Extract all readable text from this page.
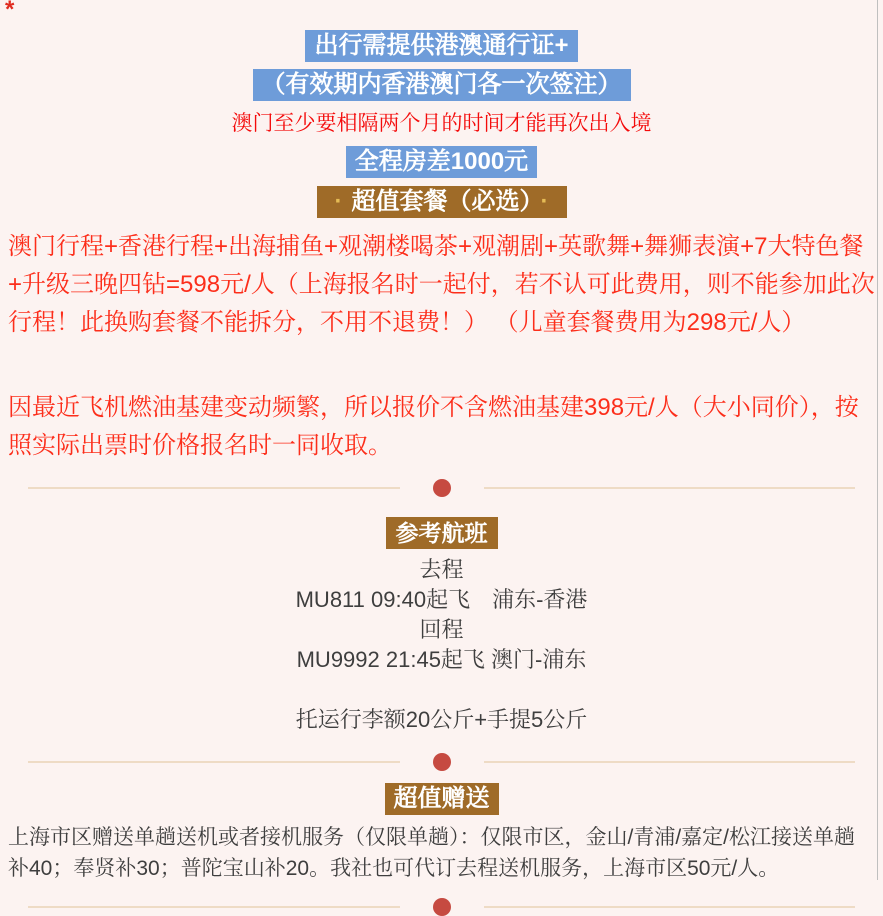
*
出行需提供港澳通行证+
（有效期内香港澳门各一次签注）
澳门至少要相隔两个月的时间才能再次出入境
全程房差1000元
· 超值套餐（必选） ·
澳门行程+香港行程+出海捕鱼+观潮楼喝茶+观潮剧+英歌舞+舞狮表演+7大特色餐+升级三晚四钻=598元/人（上海报名时一起付，若不认可此费用，则不能参加此次行程！此换购套餐不能拆分，不用不退费！） （儿童套餐费用为298元/人）
因最近飞机燃油基建变动频繁，所以报价不含燃油基建398元/人（大小同价），按照实际出票时价格报名时一同收取。
参考航班
去程
MU811 09:40起飞　浦东-香港
回程
MU9992 21:45起飞 澳门-浦东
托运行李额20公斤+手提5公斤
超值赠送
上海市区赠送单趟送机或者接机服务（仅限单趟）：仅限市区，金山/青浦/嘉定/松江接送单趟补40；奉贤补30；普陀宝山补20。我社也可代订去程送机服务，上海市区50元/人。
